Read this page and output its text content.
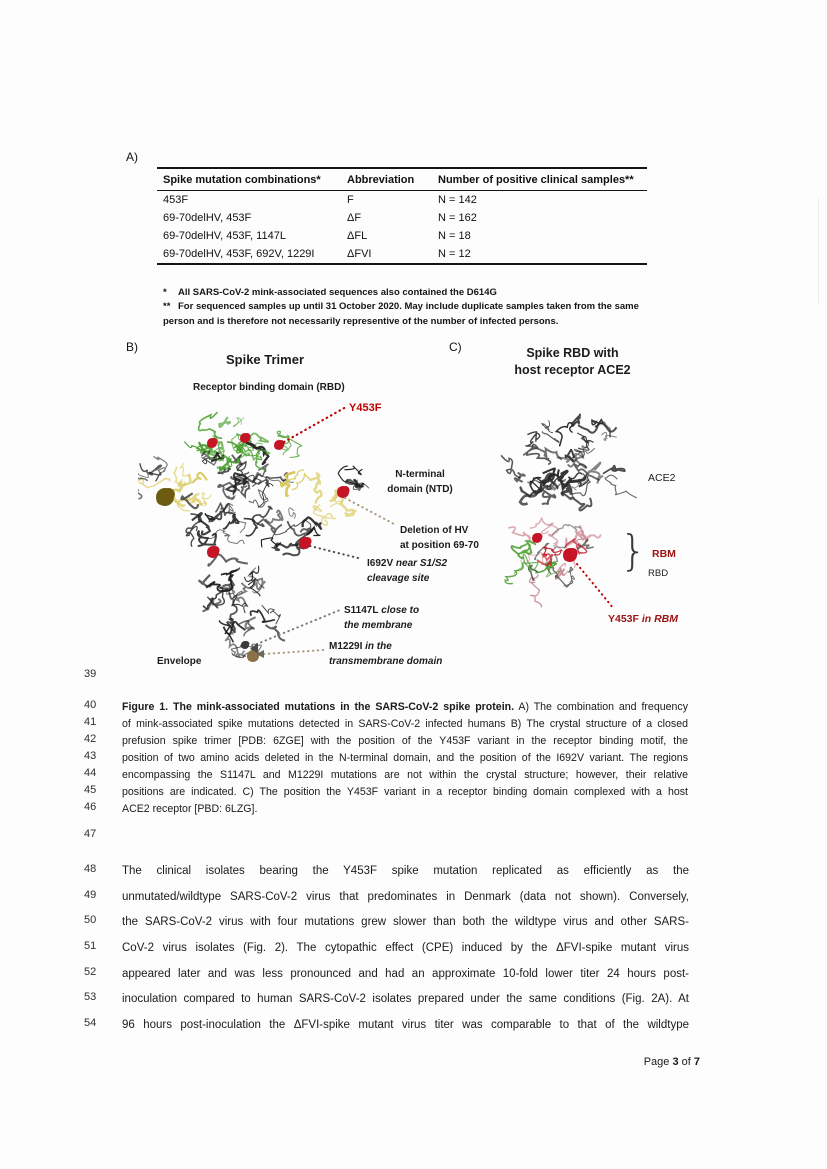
A)
Spike mutation combinations*	Abbreviation	Number of positive clinical samples**
453F	F	N = 142
69-70delHV, 453F	ΔF	N = 162
69-70delHV, 453F, 1147L	ΔFL	N = 18
69-70delHV, 453F, 692V, 1229I	ΔFVI	N = 12
* All SARS-CoV-2 mink-associated sequences also contained the D614G
** For sequenced samples up until 31 October 2020. May include duplicate samples taken from the same person and is therefore not necessarily representive of the number of infected persons.
B)
Spike Trimer
Receptor binding domain (RBD)
Y453F
N-terminal
domain (NTD)
Deletion of HV
at position 69-70
I692V near S1/S2
cleavage site
S1147L close to
the membrane
M1229I in the
transmembrane domain
Envelope
C)	Spike RBD with
host receptor ACE2
ACE2
} RBM
RBD
Y453F in RBM
39
40
41
42
43
44
45
46
47
48
49
50
51
52
53
54
Figure 1. The mink-associated mutations in the SARS-CoV-2 spike protein. A) The combination and frequency
of mink-associated spike mutations detected in SARS-CoV-2 infected humans B) The crystal structure of a closed
prefusion spike trimer [PDB: 6ZGE] with the position of the Y453F variant in the receptor binding motif, the
position of two amino acids deleted in the N-terminal domain, and the position of the I692V variant. The regions
encompassing the S1147L and M1229I mutations are not within the crystal structure; however, their relative
positions are indicated. C) The position the Y453F variant in a receptor binding domain complexed with a host
ACE2 receptor [PBD: 6LZG].
The clinical isolates bearing the Y453F spike mutation replicated as efficiently as the
unmutated/wildtype SARS-CoV-2 virus that predominates in Denmark (data not shown). Conversely,
the SARS-CoV-2 virus with four mutations grew slower than both the wildtype virus and other SARS-
CoV-2 virus isolates (Fig. 2). The cytopathic effect (CPE) induced by the ΔFVI-spike mutant virus
appeared later and was less pronounced and had an approximate 10-fold lower titer 24 hours post-
inoculation compared to human SARS-CoV-2 isolates prepared under the same conditions (Fig. 2A). At
96 hours post-inoculation the ΔFVI-spike mutant virus titer was comparable to that of the wildtype
Page 3 of 7
